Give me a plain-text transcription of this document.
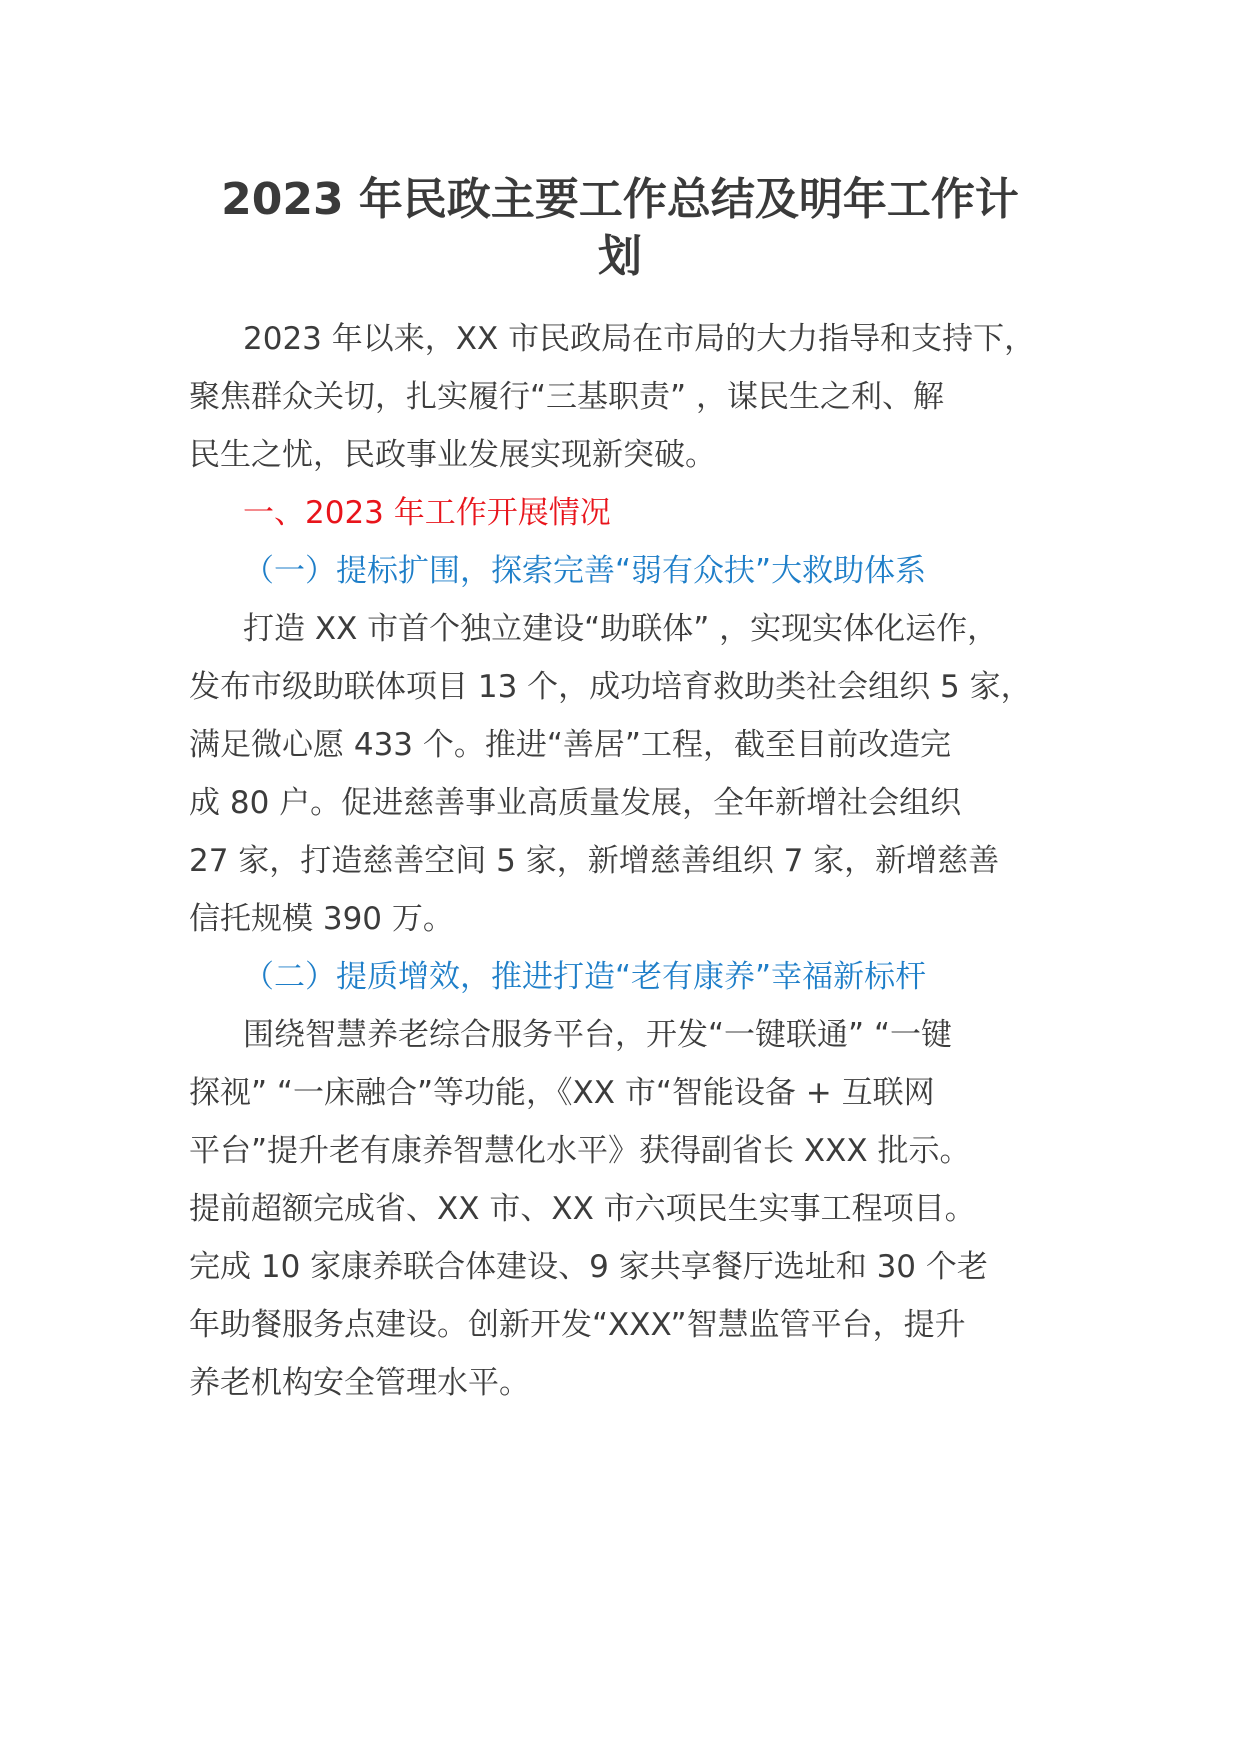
2023 年民政主要工作总结及明年工作计
划
2023 年以来，XX 市民政局在市局的大力指导和支持下，
聚焦群众关切，扎实履行“三基职责” ，谋民生之利、解
民生之忧，民政事业发展实现新突破。
一、2023 年工作开展情况
（一）提标扩围，探索完善“弱有众扶”大救助体系
打造 XX 市首个独立建设“助联体” ，实现实体化运作，
发布市级助联体项目 13 个，成功培育救助类社会组织 5 家，
满足微心愿 433 个。推进“善居”工程，截至目前改造完
成 80 户。促进慈善事业高质量发展，全年新增社会组织
27 家，打造慈善空间 5 家，新增慈善组织 7 家，新增慈善
信托规模 390 万。
（二）提质增效，推进打造“老有康养”幸福新标杆
围绕智慧养老综合服务平台，开发“一键联通” “一键
探视” “一床融合”等功能，《XX 市“智能设备 + 互联网
平台”提升老有康养智慧化水平》获得副省长 XXX 批示。
提前超额完成省、XX 市、XX 市六项民生实事工程项目。
完成 10 家康养联合体建设、9 家共享餐厅选址和 30 个老
年助餐服务点建设。创新开发“XXX”智慧监管平台，提升
养老机构安全管理水平。
